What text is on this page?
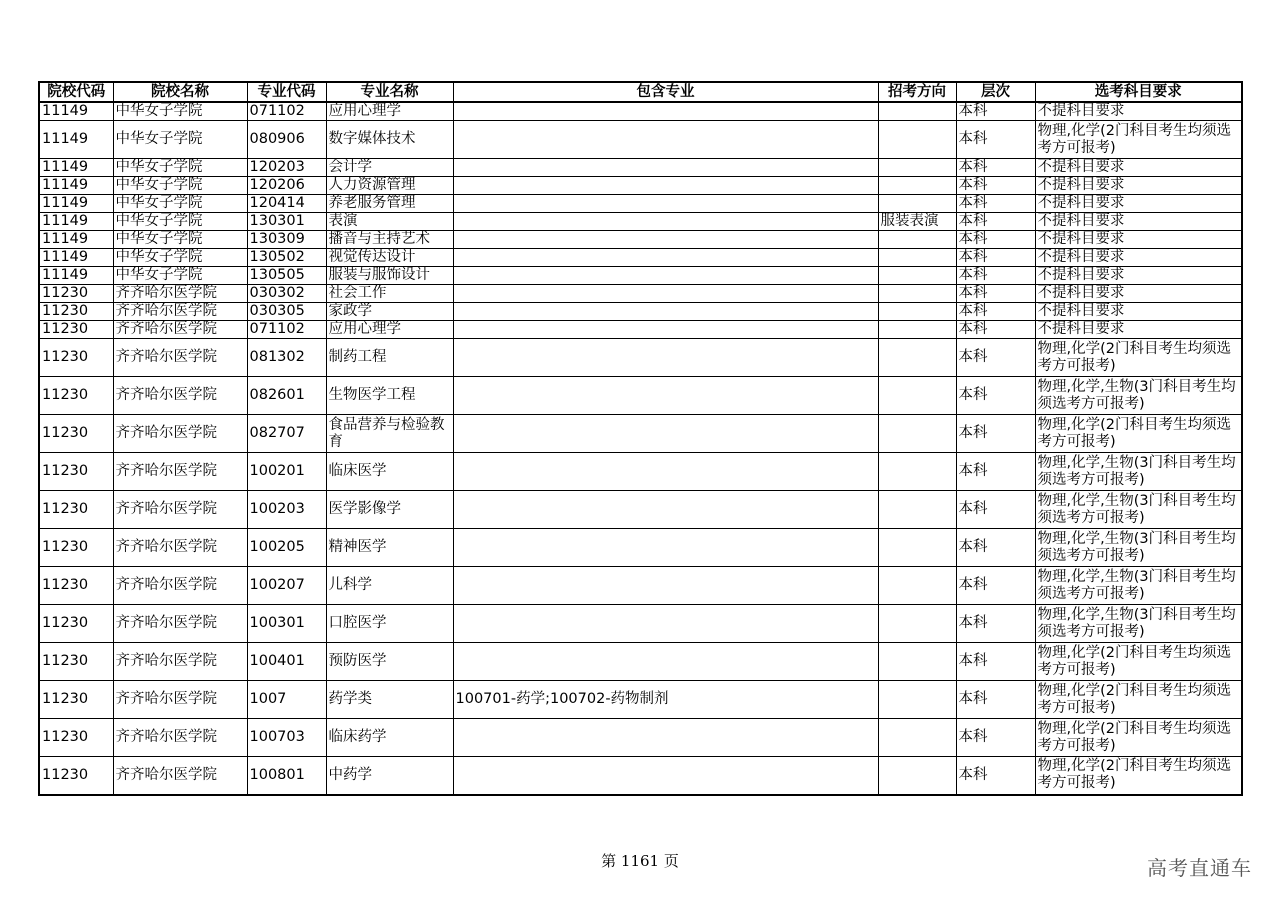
院校代码	院校名称	专业代码	专业名称	包含专业	招考方向	层次	选考科目要求
11149	中华女子学院	071102	应用心理学			本科	不提科目要求
11149	中华女子学院	080906	数字媒体技术			本科	物理,化学(2门科目考生均须选考方可报考)
11149	中华女子学院	120203	会计学			本科	不提科目要求
11149	中华女子学院	120206	人力资源管理			本科	不提科目要求
11149	中华女子学院	120414	养老服务管理			本科	不提科目要求
11149	中华女子学院	130301	表演		服装表演	本科	不提科目要求
11149	中华女子学院	130309	播音与主持艺术			本科	不提科目要求
11149	中华女子学院	130502	视觉传达设计			本科	不提科目要求
11149	中华女子学院	130505	服装与服饰设计			本科	不提科目要求
11230	齐齐哈尔医学院	030302	社会工作			本科	不提科目要求
11230	齐齐哈尔医学院	030305	家政学			本科	不提科目要求
11230	齐齐哈尔医学院	071102	应用心理学			本科	不提科目要求
11230	齐齐哈尔医学院	081302	制药工程			本科	物理,化学(2门科目考生均须选考方可报考)
11230	齐齐哈尔医学院	082601	生物医学工程			本科	物理,化学,生物(3门科目考生均须选考方可报考)
11230	齐齐哈尔医学院	082707	食品营养与检验教育			本科	物理,化学(2门科目考生均须选考方可报考)
11230	齐齐哈尔医学院	100201	临床医学			本科	物理,化学,生物(3门科目考生均须选考方可报考)
11230	齐齐哈尔医学院	100203	医学影像学			本科	物理,化学,生物(3门科目考生均须选考方可报考)
11230	齐齐哈尔医学院	100205	精神医学			本科	物理,化学,生物(3门科目考生均须选考方可报考)
11230	齐齐哈尔医学院	100207	儿科学			本科	物理,化学,生物(3门科目考生均须选考方可报考)
11230	齐齐哈尔医学院	100301	口腔医学			本科	物理,化学,生物(3门科目考生均须选考方可报考)
11230	齐齐哈尔医学院	100401	预防医学			本科	物理,化学(2门科目考生均须选考方可报考)
11230	齐齐哈尔医学院	1007	药学类	100701-药学;100702-药物制剂		本科	物理,化学(2门科目考生均须选考方可报考)
11230	齐齐哈尔医学院	100703	临床药学			本科	物理,化学(2门科目考生均须选考方可报考)
11230	齐齐哈尔医学院	100801	中药学			本科	物理,化学(2门科目考生均须选考方可报考)
第 1161 页	高考直通车
